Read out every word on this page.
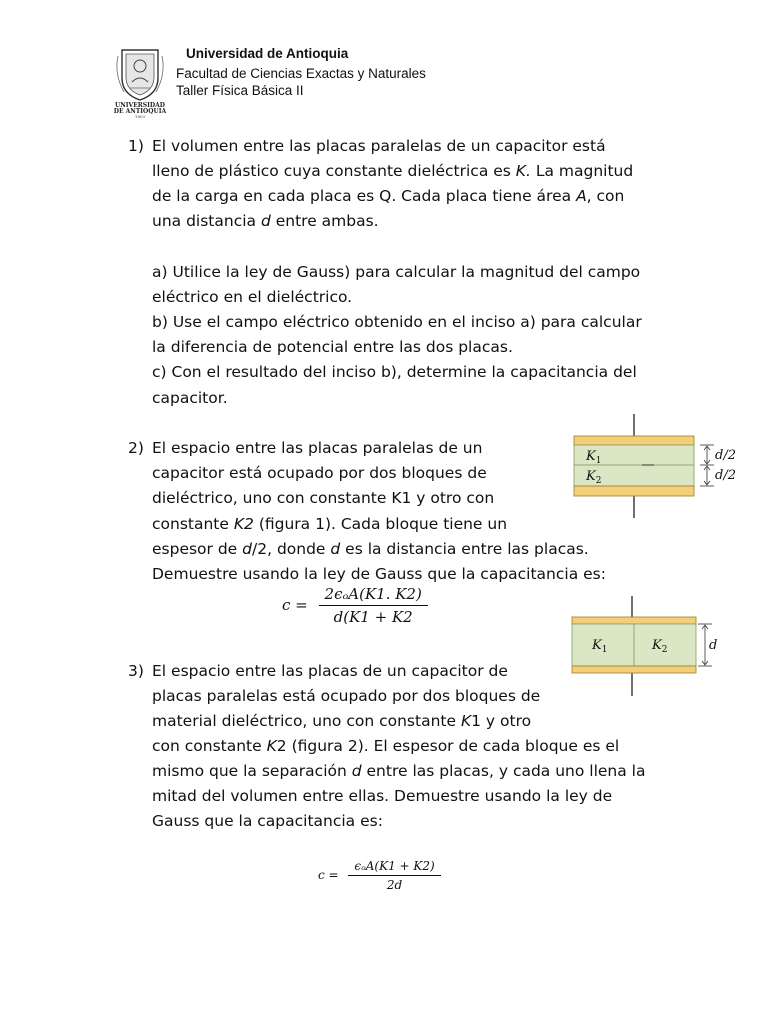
UNIVERSIDAD
DE ANTIOQUIA
1803
Universidad de Antioquia
Facultad de Ciencias Exactas y Naturales
Taller Física Básica II
1) El volumen entre las placas paralelas de un capacitor está
lleno de plástico cuya constante dieléctrica es K. La magnitud
de la carga en cada placa es Q. Cada placa tiene área A, con
una distancia d entre ambas.
a) Utilice la ley de Gauss) para calcular la magnitud del campo
eléctrico en el dieléctrico.
b) Use el campo eléctrico obtenido en el inciso a) para calcular
la diferencia de potencial entre las dos placas.
c) Con el resultado del inciso b), determine la capacitancia del
capacitor.
2) El espacio entre las placas paralelas de un
capacitor está ocupado por dos bloques de
dieléctrico, uno con constante K1 y otro con
constante K2 (figura 1). Cada bloque tiene un
espesor de d/2, donde d es la distancia entre las placas.
Demuestre usando la ley de Gauss que la capacitancia es:
$c = \frac{\text{2ϵₒA(K1. K2)}}{d(K1 + K2}$
$K_1$
$K_2$
d/2
d/2
$K_1$	$K_2$	d
3) El espacio entre las placas de un capacitor de
placas paralelas está ocupado por dos bloques de
material dieléctrico, uno con constante K1 y otro
con constante K2 (figura 2). El espesor de cada bloque es el
mismo que la separación d entre las placas, y cada uno llena la
mitad del volumen entre ellas. Demuestre usando la ley de
Gauss que la capacitancia es:
$c = \frac{\text{ϵₒA(K1 + K2)}}{2d}$
